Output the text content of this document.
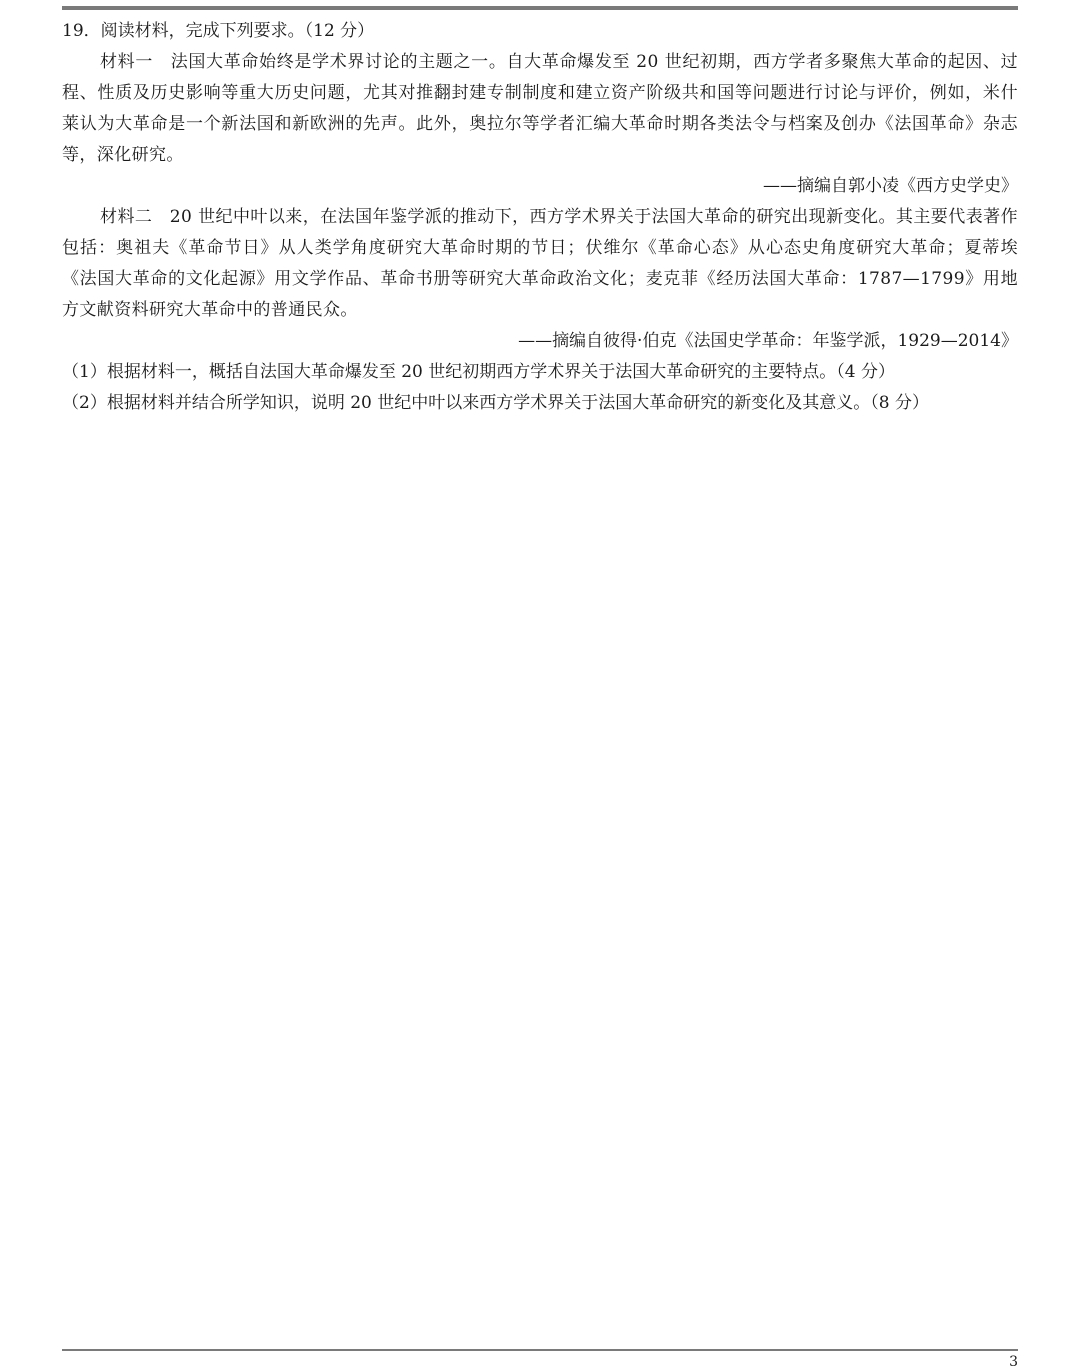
19．阅读材料，完成下列要求。（12 分）

材料一　法国大革命始终是学术界讨论的主题之一。自大革命爆发至 20 世纪初期，西方学者多聚焦大革命的起因、过程、性质及历史影响等重大历史问题，尤其对推翻封建专制制度和建立资产阶级共和国等问题进行讨论与评价，例如，米什莱认为大革命是一个新法国和新欧洲的先声。此外，奥拉尔等学者汇编大革命时期各类法令与档案及创办《法国革命》杂志等，深化研究。

——摘编自郭小凌《西方史学史》

材料二　20 世纪中叶以来，在法国年鉴学派的推动下，西方学术界关于法国大革命的研究出现新变化。其主要代表著作包括：奥祖夫《革命节日》从人类学角度研究大革命时期的节日；伏维尔《革命心态》从心态史角度研究大革命；夏蒂埃《法国大革命的文化起源》用文学作品、革命书册等研究大革命政治文化；麦克菲《经历法国大革命：1787—1799》用地方文献资料研究大革命中的普通民众。

——摘编自彼得·伯克《法国史学革命：年鉴学派，1929—2014》

（1）根据材料一，概括自法国大革命爆发至 20 世纪初期西方学术界关于法国大革命研究的主要特点。（4 分）

（2）根据材料并结合所学知识，说明 20 世纪中叶以来西方学术界关于法国大革命研究的新变化及其意义。（8 分）

3
